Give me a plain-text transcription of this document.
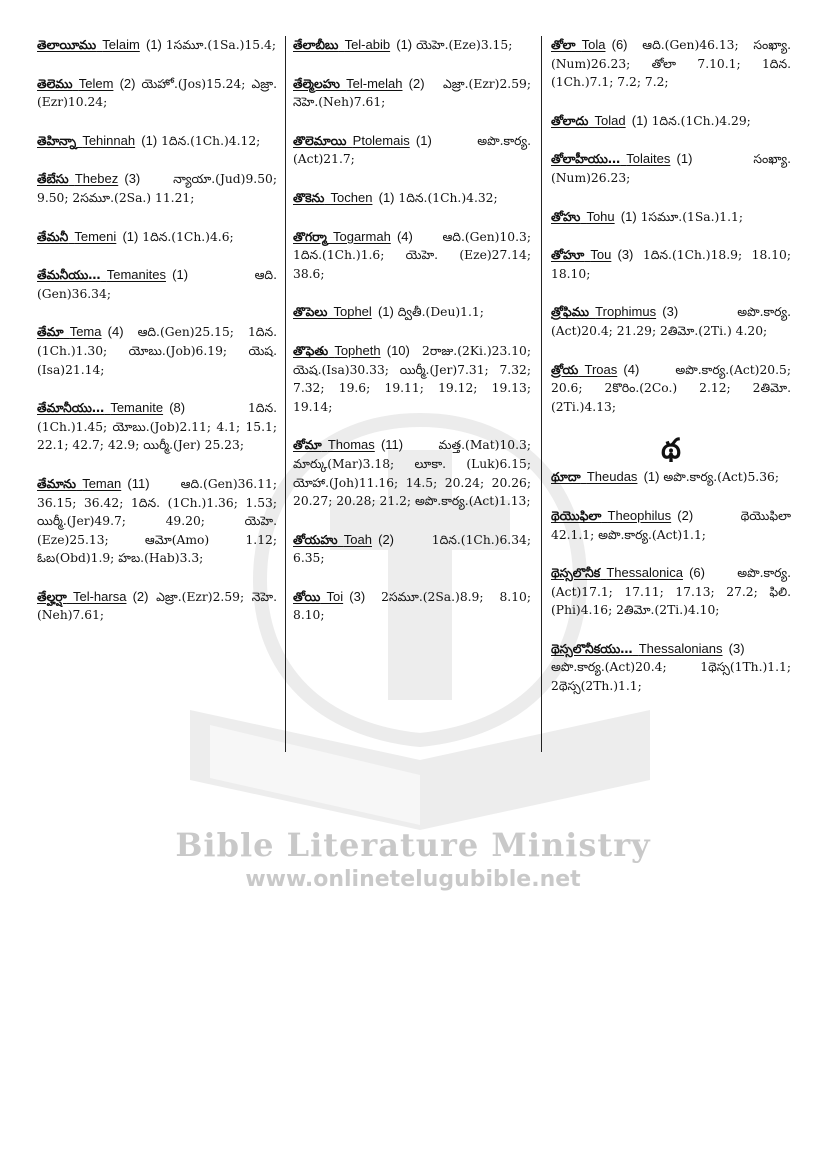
Bible Literature Ministry
www.onlinetelugubible.net
తెలాయీము  Telaim  (1) 1సమూ.(1Sa.)15.4;
తెలెము  Telem  (2) యెహో.(Jos)15.24; ఎజ్రా.(Ezr)10.24;
తెహిన్నా  Tehinnah  (1) 1దిన.(1Ch.)4.12;
తేబేసు  Thebez  (3)	న్యాయా.(Jud)9.50; 9.50; 2సమూ.(2Sa.) 11.21;
తేమనీ  Temeni  (1) 1దిన.(1Ch.)4.6;
తేమనీయు…  Temanites  (1)	ఆది.(Gen)36.34;
తేమా  Tema  (4) ఆది.(Gen)25.15; 1దిన.(1Ch.)1.30; యోబు.(Job)6.19; యెష.(Isa)21.14;
తేమానీయు…  Temanite  (8)	1దిన.(1Ch.)1.45; యోబు.(Job)2.11; 4.1; 15.1; 22.1; 42.7; 42.9; యిర్మీ.(Jer) 25.23;
తేమాను  Teman  (11)	ఆది.(Gen)36.11; 36.15; 36.42; 1దిన. (1Ch.)1.36; 1.53; యిర్మీ.(Jer)49.7; 49.20; యెహె.(Eze)25.13; ఆమో(Amo) 1.12; ఓబ(Obd)1.9; హబ.(Hab)3.3;
తేల్హర్షా  Tel-harsa  (2) ఎజ్రా.(Ezr)2.59; నెహె.(Neh)7.61;
తేలాబీబు  Tel-abib  (1) యెహె.(Eze)3.15;
తేల్మెలహు  Tel-melah  (2) ఎజ్రా.(Ezr)2.59; నెహె.(Neh)7.61;
తొలెమాయి  Ptolemais  (1)	అపొ.కార్య.(Act)21.7;
తొకెను  Tochen  (1) 1దిన.(1Ch.)4.32;
తొగర్మా  Togarmah  (4) ఆది.(Gen)10.3; 1దిన.(1Ch.)1.6; యెహె. (Eze)27.14; 38.6;
తొపెలు  Tophel  (1) ద్వితీ.(Deu)1.1;
తొఫెతు  Topheth  (10) 2రాజు.(2Ki.)23.10; యెష.(Isa)30.33; యిర్మీ.(Jer)7.31; 7.32; 7.32; 19.6; 19.11; 19.12; 19.13; 19.14;
తోమా  Thomas  (11)	మత్త.(Mat)10.3; మార్కు(Mar)3.18; లూకా. (Luk)6.15; యోహా.(Joh)11.16; 14.5; 20.24; 20.26; 20.27; 20.28; 21.2; అపొ.కార్య.(Act)1.13;
తోయహు  Toah  (2)	1దిన.(1Ch.)6.34; 6.35;
తోయి  Toi  (3) 2సమూ.(2Sa.)8.9; 8.10; 8.10;
తోలా  Tola  (6) ఆది.(Gen)46.13; సంఖ్యా.(Num)26.23; తోలా 7.10.1; 1దిన.(1Ch.)7.1; 7.2; 7.2;
తోలాదు  Tolad  (1) 1దిన.(1Ch.)4.29;
తోలాహీయు…  Tolaites  (1)	సంఖ్యా.(Num)26.23;
తోహు  Tohu  (1) 1సమూ.(1Sa.)1.1;
తోహూ  Tou  (3) 1దిన.(1Ch.)18.9; 18.10; 18.10;
త్రోఫిము  Trophimus  (3)	అపొ.కార్య.(Act)20.4; 21.29; 2తిమో.(2Ti.) 4.20;
త్రోయ  Troas  (4)	అపొ.కార్య.(Act)20.5; 20.6; 2కొరిం.(2Co.) 2.12; 2తిమో.(2Ti.)4.13;
థ
థూదా  Theudas  (1) అపొ.కార్య.(Act)5.36;
థెయొఫిలా  Theophilus  (2)	థెయొఫిలా 42.1.1; అపొ.కార్య.(Act)1.1;
థెస్సలొనీక  Thessalonica  (6)	అపొ.కార్య.(Act)17.1; 17.11; 17.13; 27.2; ఫిలి.(Phi)4.16; 2తిమో.(2Ti.)4.10;
థెస్సలొనీకయు…  Thessalonians  (3) అపొ.కార్య.(Act)20.4; 1థెస్స(1Th.)1.1; 2థెస్స(2Th.)1.1;
